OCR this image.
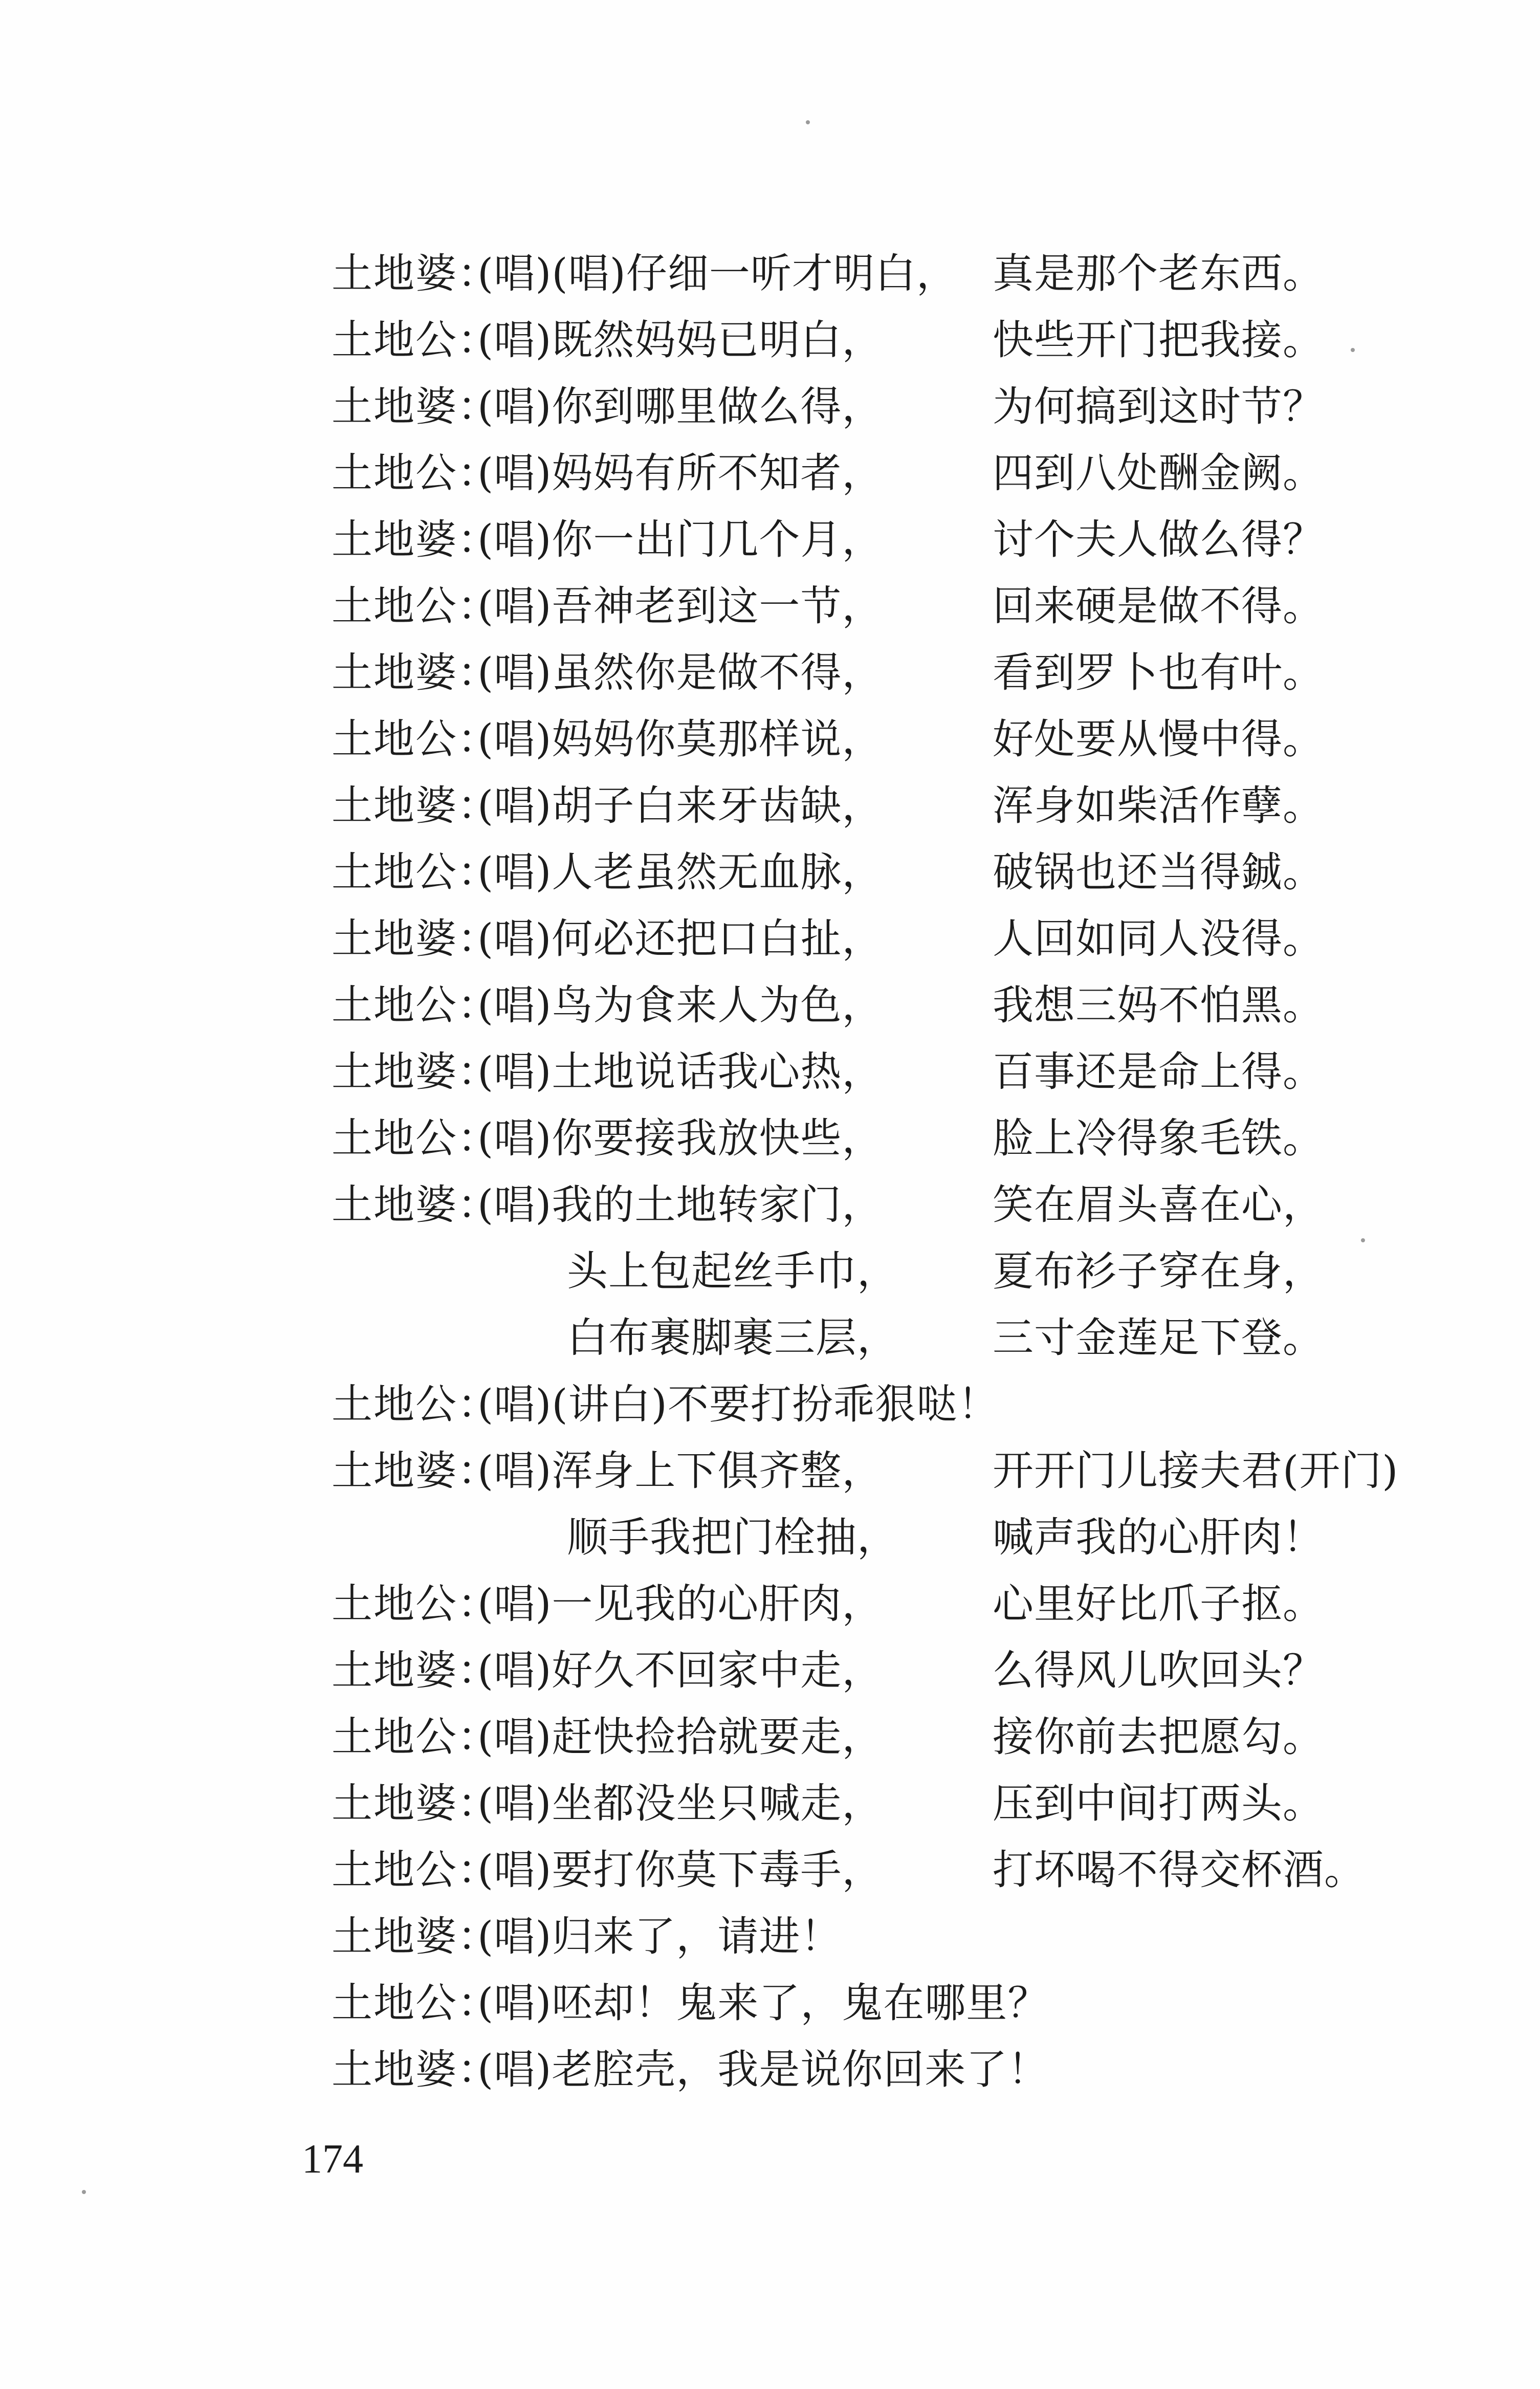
土地婆：
(唱)(唱)仔细一听才明白， 真是那个老东西。
土地公：
(唱)既然妈妈已明白，	快些开门把我接。
土地婆：
(唱)你到哪里做么得，	为何搞到这时节？
土地公：
(唱)妈妈有所不知者，	四到八处酬金阙。
土地婆：
(唱)你一出门几个月，	讨个夫人做么得？
土地公：
(唱)吾神老到这一节，	回来硬是做不得。
土地婆：
(唱)虽然你是做不得，	看到罗卜也有叶。
土地公：
(唱)妈妈你莫那样说，	好处要从慢中得。
土地婆：
(唱)胡子白来牙齿缺，	浑身如柴活作孽。
土地公：
(唱)人老虽然无血脉，	破锅也还当得鋮。
土地婆：
(唱)何必还把口白扯，	人回如同人没得。
土地公：
(唱)鸟为食来人为色，	我想三妈不怕黑。
土地婆：
(唱)土地说话我心热，	百事还是命上得。
土地公：
(唱)你要接我放快些，	脸上冷得象毛铁。
土地婆：
(唱)我的土地转家门，	笑在眉头喜在心，
头上包起丝手巾， 夏布衫子穿在身，
白布裹脚裹三层， 三寸金莲足下登。
土地公：
(唱)(讲白)不要打扮乖狠哒！
土地婆：
(唱)浑身上下俱齐整，	开开门儿接夫君(开门)
顺手我把门栓抽， 喊声我的心肝肉！
土地公：
(唱)一见我的心肝肉，	心里好比爪子抠。
土地婆：
(唱)好久不回家中走，	么得风儿吹回头？
土地公：
(唱)赶快捡拾就要走，	接你前去把愿勾。
土地婆：
(唱)坐都没坐只喊走，	压到中间打两头。
土地公：
(唱)要打你莫下毒手，	打坏喝不得交杯酒。
土地婆：
(唱)归来了，请进！
土地公：
(唱)呸却！鬼来了，鬼在哪里？
土地婆：
(唱)老腔壳，我是说你回来了！
174
